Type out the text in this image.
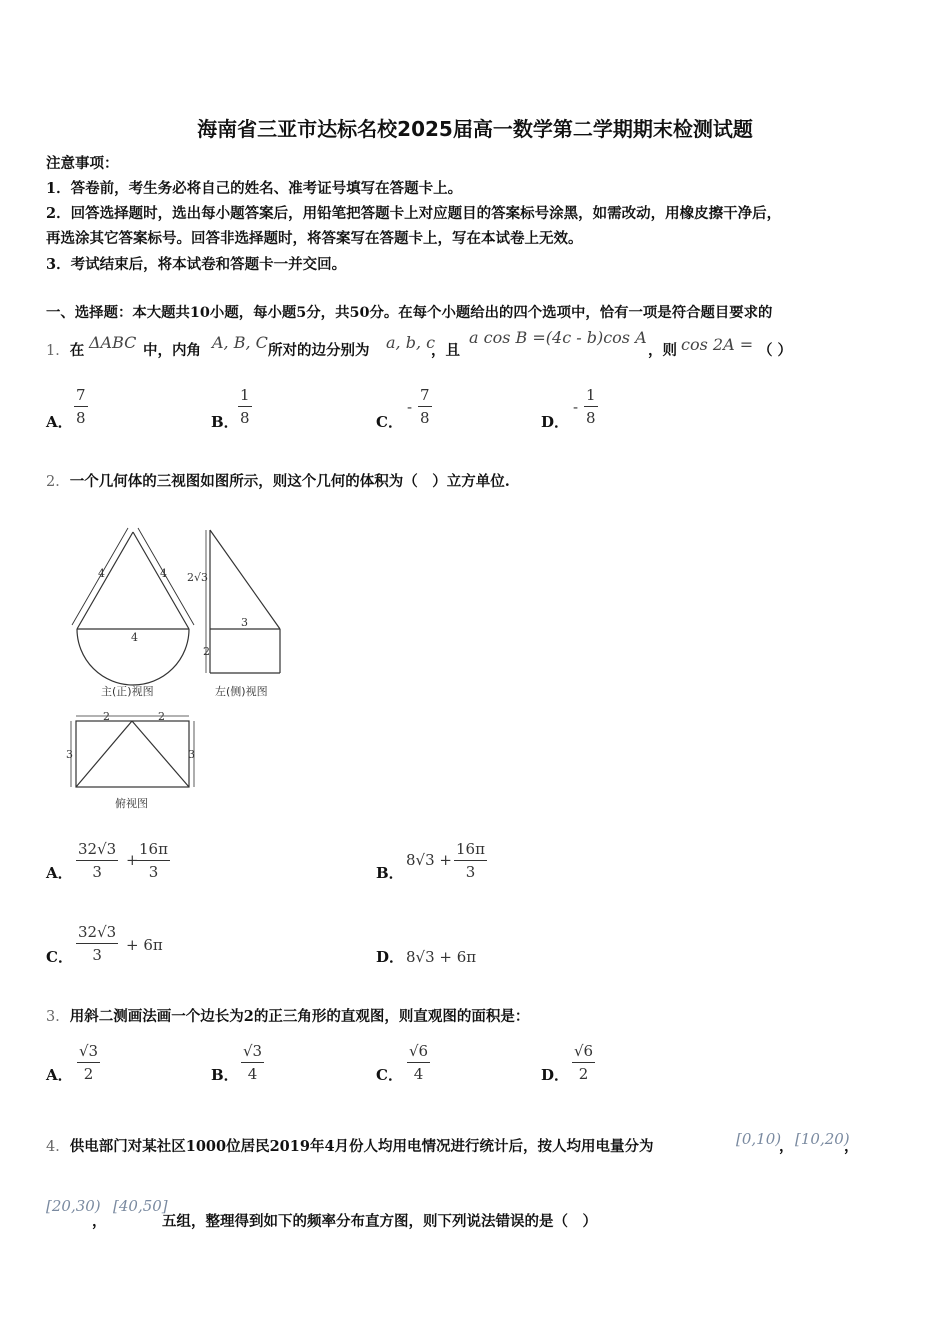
海南省三亚市达标名校2025届高一数学第二学期期末检测试题
注意事项：
1．答卷前，考生务必将自己的姓名、准考证号填写在答题卡上。
2．回答选择题时，选出每小题答案后，用铅笔把答题卡上对应题目的答案标号涂黑，如需改动，用橡皮擦干净后，
再选涂其它答案标号。回答非选择题时，将答案写在答题卡上，写在本试卷上无效。
3．考试结束后，将本试卷和答题卡一并交回。
一、选择题：本大题共10小题，每小题5分，共50分。在每个小题给出的四个选项中，恰有一项是符合题目要求的
1．在 ΔABC 中，内角 A, B, C 所对的边分别为 a, b, c
，且
a cos B =(4c - b)cos A
，则 cos 2A = （ ）
A．
7
8	B．
1
8	C．
-
7
8	D．
-
1
8
2．一个几何体的三视图如图所示，则这个几何的体积为（　）立方单位.
4	4
4
2√3
3
2
2	2
3	3
主(正)视图	左(侧)视图
俯视图
A．
32√3
3
+
16π
3	B．
8√3 +
16π
3
C．
32√3
3
+ 6π
D． 8√3 + 6π
3．用斜二测画法画一个边长为2的正三角形的直观图，则直观图的面积是：
A．
√3
2	B．
√3
4	C．
√6
4	D．
√6
2
4．供电部门对某社区1000位居民2019年4月份人均用电情况进行统计后，按人均用电量分为	[0,10)
， [10,20)
，
[20,30)
，
[40,50]
五组，整理得到如下的频率分布直方图，则下列说法错误的是（　）
